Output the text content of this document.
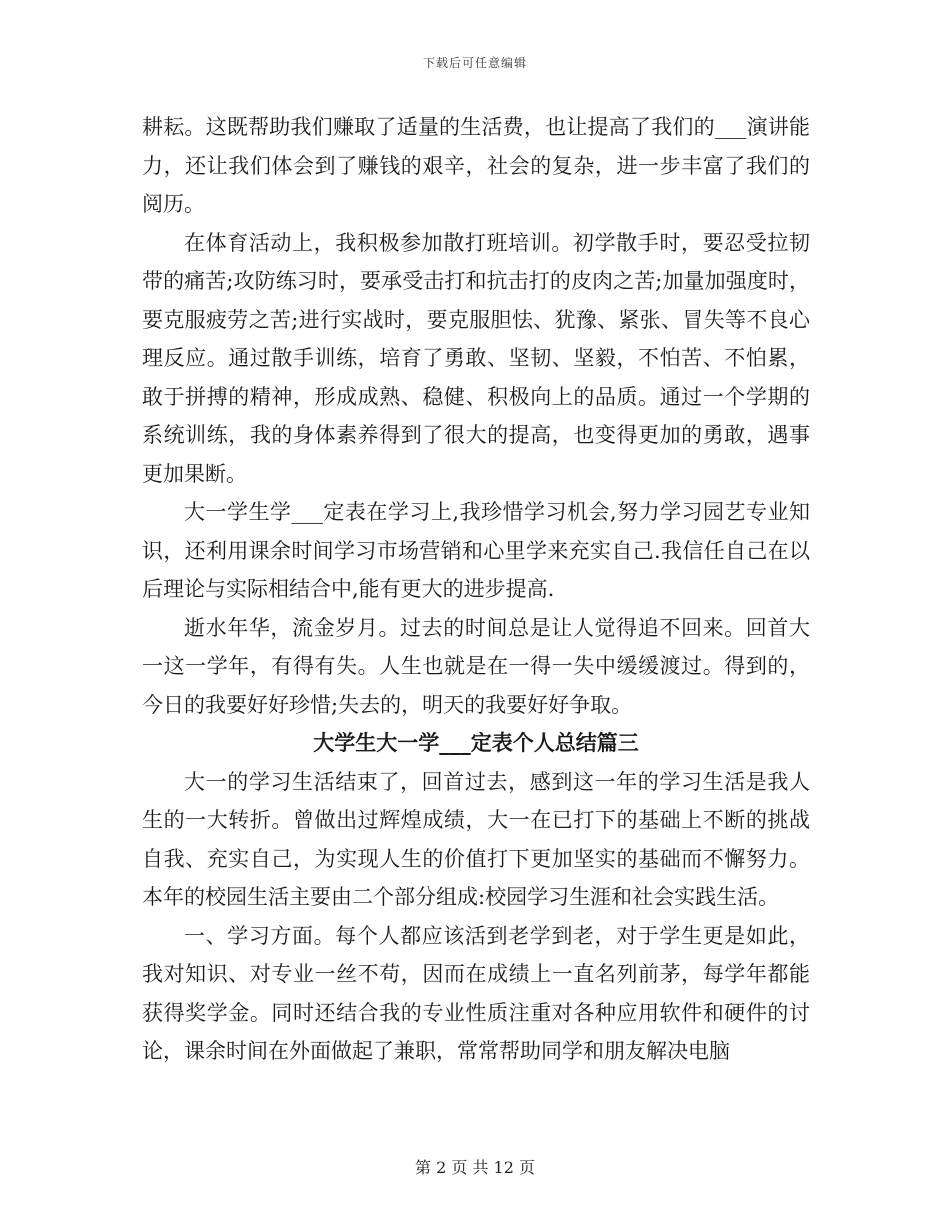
下载后可任意编辑

耕耘。这既帮助我们赚取了适量的生活费，也让提高了我们的___演讲能力，还让我们体会到了赚钱的艰辛，社会的复杂，进一步丰富了我们的阅历。

在体育活动上，我积极参加散打班培训。初学散手时，要忍受拉韧带的痛苦;攻防练习时，要承受击打和抗击打的皮肉之苦;加量加强度时，要克服疲劳之苦;进行实战时，要克服胆怯、犹豫、紧张、冒失等不良心理反应。通过散手训练，培育了勇敢、坚韧、坚毅，不怕苦、不怕累，敢于拼搏的精神，形成成熟、稳健、积极向上的品质。通过一个学期的系统训练，我的身体素养得到了很大的提高，也变得更加的勇敢，遇事更加果断。

大一学生学___定表在学习上,我珍惜学习机会,努力学习园艺专业知识，还利用课余时间学习市场营销和心里学来充实自己.我信任自己在以后理论与实际相结合中,能有更大的进步提高.

逝水年华，流金岁月。过去的时间总是让人觉得追不回来。回首大一这一学年，有得有失。人生也就是在一得一失中缓缓渡过。得到的，今日的我要好好珍惜;失去的，明天的我要好好争取。

大学生大一学___定表个人总结篇三

大一的学习生活结束了，回首过去，感到这一年的学习生活是我人生的一大转折。曾做出过辉煌成绩，大一在已打下的基础上不断的挑战自我、充实自己，为实现人生的价值打下更加坚实的基础而不懈努力。本年的校园生活主要由二个部分组成:校园学习生涯和社会实践生活。

一、学习方面。每个人都应该活到老学到老，对于学生更是如此，我对知识、对专业一丝不苟，因而在成绩上一直名列前茅，每学年都能获得奖学金。同时还结合我的专业性质注重对各种应用软件和硬件的讨论，课余时间在外面做起了兼职，常常帮助同学和朋友解决电脑

第 2 页 共 12 页
